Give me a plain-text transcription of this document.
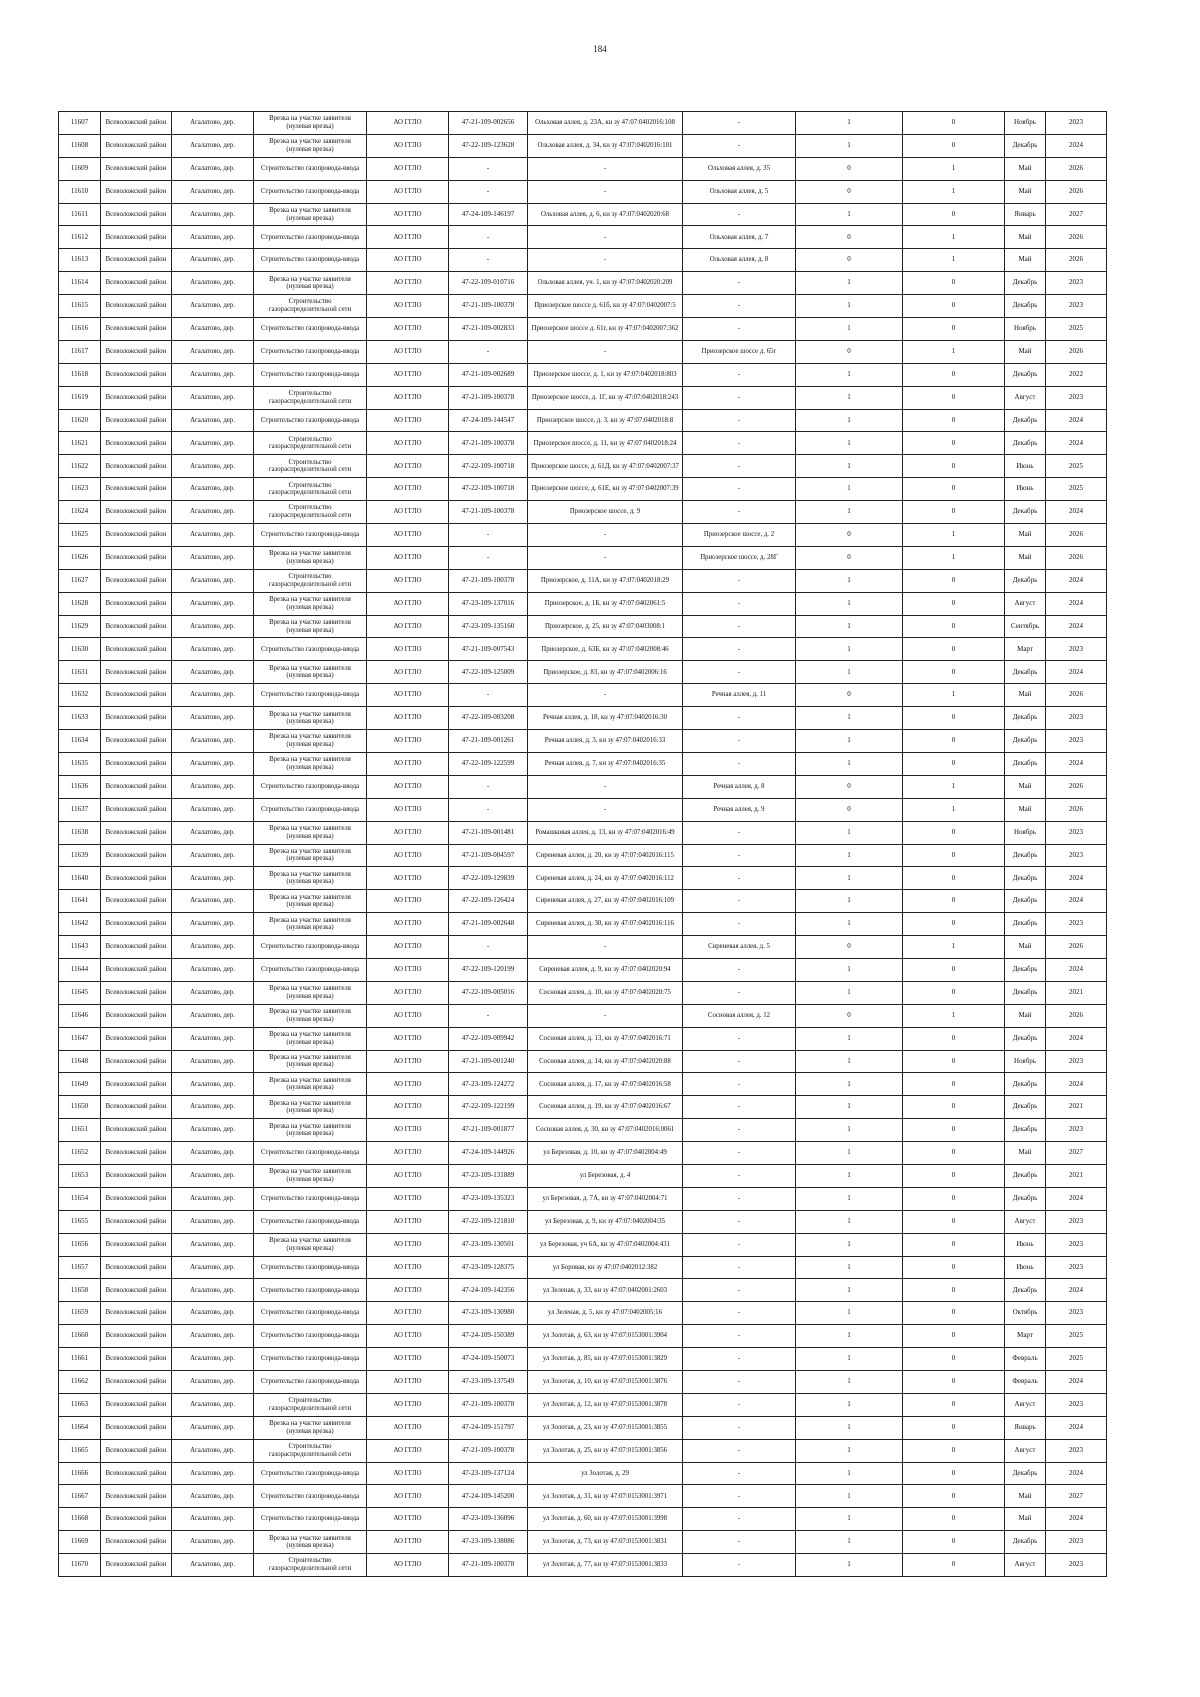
184
11607	Всеволожский район	Агалатово, дер.	Врезка на участке заявителя (нулевая врезка)	АО ГГЛО	47-21-109-002656	Ольховая аллея, д. 23А, кн зу 47:07:0402016:108	-	1	0	Ноябрь	2023
11608	Всеволожский район	Агалатово, дер.	Врезка на участке заявителя (нулевая врезка)	АО ГГЛО	47-22-109-123628	Ольховая аллея, д. 34, кн зу 47:07:0402016:101	-	1	0	Декабрь	2024
11609	Всеволожский район	Агалатово, дер.	Строительство газопровода-ввода	АО ГГЛО	-	-	Ольховая аллея, д. 35	0	1	Май	2026
11610	Всеволожский район	Агалатово, дер.	Строительство газопровода-ввода	АО ГГЛО	-	-	Ольховая аллея, д. 5	0	1	Май	2026
11611	Всеволожский район	Агалатово, дер.	Врезка на участке заявителя (нулевая врезка)	АО ГГЛО	47-24-109-146197	Ольховая аллея, д. 6, кн зу 47:07:0402020:68	-	1	0	Январь	2027
11612	Всеволожский район	Агалатово, дер.	Строительство газопровода-ввода	АО ГГЛО	-	-	Ольховая аллея, д. 7	0	1	Май	2026
11613	Всеволожский район	Агалатово, дер.	Строительство газопровода-ввода	АО ГГЛО	-	-	Ольховая аллея, д. 8	0	1	Май	2026
11614	Всеволожский район	Агалатово, дер.	Врезка на участке заявителя (нулевая врезка)	АО ГГЛО	47-22-109-010716	Ольховая аллея, уч. 1, кн зу 47:07:0402020:209	-	1	0	Декабрь	2023
11615	Всеволожский район	Агалатово, дер.	Строительство газораспределительной сети	АО ГГЛО	47-21-109-100378	Приозерское шоссе д. 61б, кн зу 47:07:0402007:5	-	1	0	Декабрь	2023
11616	Всеволожский район	Агалатово, дер.	Строительство газопровода-ввода	АО ГГЛО	47-21-109-002833	Приозерское шоссе д. 61г, кн зу 47:07:0402007:362	-	1	0	Ноябрь	2025
11617	Всеволожский район	Агалатово, дер.	Строительство газопровода-ввода	АО ГГЛО	-	-	Приозерское шоссе д. 65г	0	1	Май	2026
11618	Всеволожский район	Агалатово, дер.	Строительство газопровода-ввода	АО ГГЛО	47-21-109-002689	Приозерское шоссе, д. 1, кн зу 47:07:0402018:803	-	1	0	Декабрь	2022
11619	Всеволожский район	Агалатово, дер.	Строительство газораспределительной сети	АО ГГЛО	47-21-109-100378	Приозерское шоссе, д. 1Г, кн зу 47:07:0402018:243	-	1	0	Август	2023
11620	Всеволожский район	Агалатово, дер.	Строительство газопровода-ввода	АО ГГЛО	47-24-109-144547	Приозерское шоссе, д. 3, кн зу 47:07:0402018:8	-	1	0	Декабрь	2024
11621	Всеволожский район	Агалатово, дер.	Строительство газораспределительной сети	АО ГГЛО	47-21-109-100378	Приозерское шоссе, д. 11, кн зу 47:07:0402018:24	-	1	0	Декабрь	2024
11622	Всеволожский район	Агалатово, дер.	Строительство газораспределительной сети	АО ГГЛО	47-22-109-100718	Приозерское шоссе, д. 61Д, кн зу 47:07:0402007:37	-	1	0	Июнь	2025
11623	Всеволожский район	Агалатово, дер.	Строительство газораспределительной сети	АО ГГЛО	47-22-109-100718	Приозерское шоссе, д. 61Е, кн зу 47:07:0402007:39	-	1	0	Июнь	2025
11624	Всеволожский район	Агалатово, дер.	Строительство газораспределительной сети	АО ГГЛО	47-21-109-100378	Приозерское шоссе, д. 9	-	1	0	Декабрь	2024
11625	Всеволожский район	Агалатово, дер.	Строительство газопровода-ввода	АО ГГЛО	-	-	Приозерское шоссе, д. 2	0	1	Май	2026
11626	Всеволожский район	Агалатово, дер.	Врезка на участке заявителя (нулевая врезка)	АО ГГЛО	-	-	Приозерское шоссе, д. 28Г	0	1	Май	2026
11627	Всеволожский район	Агалатово, дер.	Строительство газораспределительной сети	АО ГГЛО	47-21-109-100378	Приозерское, д. 11А, кн зу 47:07:0402018:29	-	1	0	Декабрь	2024
11628	Всеволожский район	Агалатово, дер.	Врезка на участке заявителя (нулевая врезка)	АО ГГЛО	47-23-109-137016	Приозерское, д. 1Б, кн зу 47:07:0402061:5	-	1	0	Август	2024
11629	Всеволожский район	Агалатово, дер.	Врезка на участке заявителя (нулевая врезка)	АО ГГЛО	47-23-109-135160	Приозерское, д. 25, кн зу 47:07:0403008:1	-	1	0	Сентябрь	2024
11630	Всеволожский район	Агалатово, дер.	Строительство газопровода-ввода	АО ГГЛО	47-21-109-007543	Приозерское, д. 63Б, кн зу 47:07:0402008:46	-	1	0	Март	2023
11631	Всеволожский район	Агалатово, дер.	Врезка на участке заявителя (нулевая врезка)	АО ГГЛО	47-22-109-125009	Приозерское, д. 83, кн зу 47:07:0402006:16	-	1	0	Декабрь	2024
11632	Всеволожский район	Агалатово, дер.	Строительство газопровода-ввода	АО ГГЛО	-	-	Речная аллея, д. 11	0	1	Май	2026
11633	Всеволожский район	Агалатово, дер.	Врезка на участке заявителя (нулевая врезка)	АО ГГЛО	47-22-109-003208	Речная аллея, д. 18, кн зу 47:07:0402016:30	-	1	0	Декабрь	2023
11634	Всеволожский район	Агалатово, дер.	Врезка на участке заявителя (нулевая врезка)	АО ГГЛО	47-21-109-001261	Речная аллея, д. 3, кн зу 47:07:0402016:33	-	1	0	Декабрь	2023
11635	Всеволожский район	Агалатово, дер.	Врезка на участке заявителя (нулевая врезка)	АО ГГЛО	47-22-109-122599	Речная аллея, д. 7, кн зу 47:07:0402016:35	-	1	0	Декабрь	2024
11636	Всеволожский район	Агалатово, дер.	Строительство газопровода-ввода	АО ГГЛО	-	-	Речная аллея, д. 8	0	1	Май	2026
11637	Всеволожский район	Агалатово, дер.	Строительство газопровода-ввода	АО ГГЛО	-	-	Речная аллея, д. 9	0	1	Май	2026
11638	Всеволожский район	Агалатово, дер.	Врезка на участке заявителя (нулевая врезка)	АО ГГЛО	47-21-109-001481	Ромашковая аллея, д. 13, кн зу 47:07:0402016:49	-	1	0	Ноябрь	2023
11639	Всеволожский район	Агалатово, дер.	Врезка на участке заявителя (нулевая врезка)	АО ГГЛО	47-21-109-004597	Сиреневая аллея, д. 20, кн зу 47:07:0402016:115	-	1	0	Декабрь	2023
11640	Всеволожский район	Агалатово, дер.	Врезка на участке заявителя (нулевая врезка)	АО ГГЛО	47-22-109-129839	Сиреневая аллея, д. 24, кн зу 47:07:0402016:112	-	1	0	Декабрь	2024
11641	Всеволожский район	Агалатово, дер.	Врезка на участке заявителя (нулевая врезка)	АО ГГЛО	47-22-109-126424	Сиреневая аллея, д. 27, кн зу 47:07:0402016:109	-	1	0	Декабрь	2024
11642	Всеволожский район	Агалатово, дер.	Врезка на участке заявителя (нулевая врезка)	АО ГГЛО	47-21-109-002648	Сиреневая аллея, д. 30, кн зу 47:07:0402016:116	-	1	0	Декабрь	2023
11643	Всеволожский район	Агалатово, дер.	Строительство газопровода-ввода	АО ГГЛО	-	-	Сиреневая аллея, д. 5	0	1	Май	2026
11644	Всеволожский район	Агалатово, дер.	Строительство газопровода-ввода	АО ГГЛО	47-22-109-120199	Сиреневая аллея, д. 9, кн зу 47:07:0402020:94	-	1	0	Декабрь	2024
11645	Всеволожский район	Агалатово, дер.	Врезка на участке заявителя (нулевая врезка)	АО ГГЛО	47-22-109-005016	Сосновая аллея, д. 10, кн зу 47:07:0402020:75	-	1	0	Декабрь	2021
11646	Всеволожский район	Агалатово, дер.	Врезка на участке заявителя (нулевая врезка)	АО ГГЛО	-	-	Сосновая аллея, д. 12	0	1	Май	2026
11647	Всеволожский район	Агалатово, дер.	Врезка на участке заявителя (нулевая врезка)	АО ГГЛО	47-22-109-009942	Сосновая аллея, д. 13, кн зу 47:07:0402016:71	-	1	0	Декабрь	2024
11648	Всеволожский район	Агалатово, дер.	Врезка на участке заявителя (нулевая врезка)	АО ГГЛО	47-21-109-001240	Сосновая аллея, д. 14, кн зу 47:07:0402020:88	-	1	0	Ноябрь	2023
11649	Всеволожский район	Агалатово, дер.	Врезка на участке заявителя (нулевая врезка)	АО ГГЛО	47-23-109-124272	Сосновая аллея, д. 17, кн зу 47:07:0402016:58	-	1	0	Декабрь	2024
11650	Всеволожский район	Агалатово, дер.	Врезка на участке заявителя (нулевая врезка)	АО ГГЛО	47-22-109-122199	Сосновая аллея, д. 19, кн зу 47:07:0402016:67	-	1	0	Декабрь	2021
11651	Всеволожский район	Агалатово, дер.	Врезка на участке заявителя (нулевая врезка)	АО ГГЛО	47-21-109-001877	Сосновая аллея, д. 30, кн зу 47:07:0402016:0061	-	1	0	Декабрь	2023
11652	Всеволожский район	Агалатово, дер.	Строительство газопровода-ввода	АО ГГЛО	47-24-109-144926	ул Березовая, д. 10, кн зу 47:07:0402004:49	-	1	0	Май	2027
11653	Всеволожский район	Агалатово, дер.	Врезка на участке заявителя (нулевая врезка)	АО ГГЛО	47-23-109-131889	ул Березовая, д. 4	-	1	0	Декабрь	2021
11654	Всеволожский район	Агалатово, дер.	Строительство газопровода-ввода	АО ГГЛО	47-23-109-135323	ул Березовая, д. 7А, кн зу 47:07:0402004:71	-	1	0	Декабрь	2024
11655	Всеволожский район	Агалатово, дер.	Строительство газопровода-ввода	АО ГГЛО	47-22-109-121810	ул Березовая, д. 9, кн зу 47:07:0402004:35	-	1	0	Август	2023
11656	Всеволожский район	Агалатово, дер.	Врезка на участке заявителя (нулевая врезка)	АО ГГЛО	47-23-109-130501	ул Березовая, уч 6А, кн зу 47:07:0402004:431	-	1	0	Июнь	2023
11657	Всеволожский район	Агалатово, дер.	Строительство газопровода-ввода	АО ГГЛО	47-23-109-128375	ул Боровая, кн зу 47:07:0402012:382	-	1	0	Июнь	2023
11658	Всеволожский район	Агалатово, дер.	Строительство газопровода-ввода	АО ГГЛО	47-24-109-142356	ул Зеленая, д. 33, кн зу 47:07:0402001:2603	-	1	0	Декабрь	2024
11659	Всеволожский район	Агалатово, дер.	Строительство газопровода-ввода	АО ГГЛО	47-23-109-130980	ул Зеленая, д. 5, кн зу 47:07:0402005:16	-	1	0	Октябрь	2023
11660	Всеволожский район	Агалатово, дер.	Строительство газопровода-ввода	АО ГГЛО	47-24-109-150389	ул Золотая, д. 63, кн зу 47:07:0153001:3904	-	1	0	Март	2025
11661	Всеволожский район	Агалатово, дер.	Строительство газопровода-ввода	АО ГГЛО	47-24-109-150073	ул Золотая, д. 85, кн зу 47:07:0153001:3829	-	1	0	Февраль	2025
11662	Всеволожский район	Агалатово, дер.	Строительство газопровода-ввода	АО ГГЛО	47-23-109-137549	ул Золотая, д. 10, кн зу 47:07:0153001:3876	-	1	0	Февраль	2024
11663	Всеволожский район	Агалатово, дер.	Строительство газораспределительной сети	АО ГГЛО	47-21-109-100378	ул Золотая, д. 12, кн зу 47:07:0153001:3878	-	1	0	Август	2023
11664	Всеволожский район	Агалатово, дер.	Врезка на участке заявителя (нулевая врезка)	АО ГГЛО	47-24-109-151797	ул Золотая, д. 23, кн зу 47:07:0153001:3855	-	1	0	Январь	2024
11665	Всеволожский район	Агалатово, дер.	Строительство газораспределительной сети	АО ГГЛО	47-21-109-100378	ул Золотая, д. 25, кн зу 47:07:0153001:3856	-	1	0	Август	2023
11666	Всеволожский район	Агалатово, дер.	Строительство газопровода-ввода	АО ГГЛО	47-23-109-137124	ул Золотая, д. 29	-	1	0	Декабрь	2024
11667	Всеволожский район	Агалатово, дер.	Строительство газопровода-ввода	АО ГГЛО	47-24-109-145200	ул Золотая, д. 31, кн зу 47:07:0153001:3971	-	1	0	Май	2027
11668	Всеволожский район	Агалатово, дер.	Строительство газопровода-ввода	АО ГГЛО	47-23-109-136096	ул Золотая, д. 60, кн зу 47:07:0153001:3998	-	1	0	Май	2024
11669	Всеволожский район	Агалатово, дер.	Врезка на участке заявителя (нулевая врезка)	АО ГГЛО	47-23-109-138086	ул Золотая, д. 73, кн зу 47:07:0153001:3831	-	1	0	Декабрь	2023
11670	Всеволожский район	Агалатово, дер.	Строительство газораспределительной сети	АО ГГЛО	47-21-109-100378	ул Золотая, д. 77, кн зу 47:07:0153001:3833	-	1	0	Август	2023
